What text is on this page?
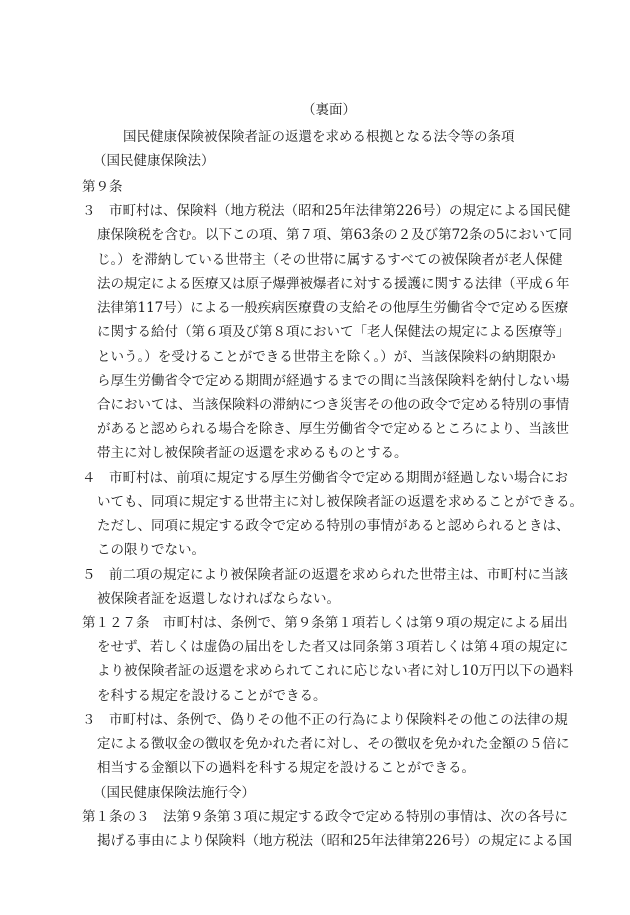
（裏面）
国民健康保険被保険者証の返還を求める根拠となる法令等の条項
（国民健康保険法）
第９条
３　市町村は、保険料（地方税法（昭和25年法律第226号）の規定による国民健
康保険税を含む。以下この項、第７項、第63条の２及び第72条の5において同
じ。）を滞納している世帯主（その世帯に属するすべての被保険者が老人保健
法の規定による医療又は原子爆弾被爆者に対する援護に関する法律（平成６年
法律第117号）による一般疾病医療費の支給その他厚生労働省令で定める医療
に関する給付（第６項及び第８項において「老人保健法の規定による医療等」
という。）を受けることができる世帯主を除く。）が、当該保険料の納期限か
ら厚生労働省令で定める期間が経過するまでの間に当該保険料を納付しない場
合においては、当該保険料の滞納につき災害その他の政令で定める特別の事情
があると認められる場合を除き、厚生労働省令で定めるところにより、当該世
帯主に対し被保険者証の返還を求めるものとする。
４　市町村は、前項に規定する厚生労働省令で定める期間が経過しない場合にお
いても、同項に規定する世帯主に対し被保険者証の返還を求めることができる。
ただし、同項に規定する政令で定める特別の事情があると認められるときは、
この限りでない。
５　前二項の規定により被保険者証の返還を求められた世帯主は、市町村に当該
被保険者証を返還しなければならない。
第１２７条　市町村は、条例で、第９条第１項若しくは第９項の規定による届出
をせず、若しくは虚偽の届出をした者又は同条第３項若しくは第４項の規定に
より被保険者証の返還を求められてこれに応じない者に対し10万円以下の過料
を科する規定を設けることができる。
３　市町村は、条例で、偽りその他不正の行為により保険料その他この法律の規
定による徴収金の徴収を免かれた者に対し、その徴収を免かれた金額の５倍に
相当する金額以下の過料を科する規定を設けることができる。
（国民健康保険法施行令）
第１条の３　法第９条第３項に規定する政令で定める特別の事情は、次の各号に
掲げる事由により保険料（地方税法（昭和25年法律第226号）の規定による国
